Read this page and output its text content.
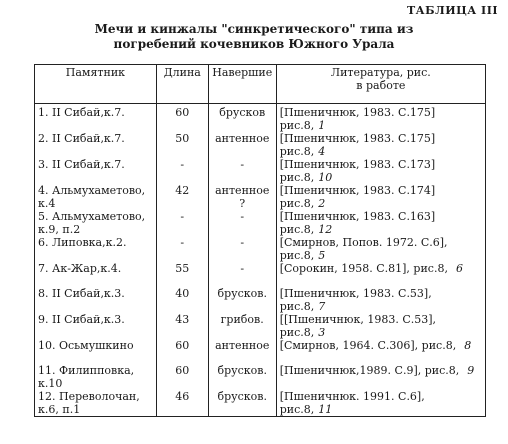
ТАБЛИЦА III
Мечи и кинжалы "синкретического" типа из
погребений кочевников Южного Урала
Памятник	Длина	Навершие	Литература, рис.
в работе
1. II Сибай,к.7.	60	брусков	[Пшеничнюк, 1983. С.175]
рис.8, 1

2. II Сибай,к.7.	50	антенное	[Пшеничнюк, 1983. С.175]
рис.8, 4

3. II Сибай,к.7.	-	-	[Пшеничнюк, 1983. С.173]
рис.8, 10

4. Альмухаметово, к.4	42	антенное ?	[Пшеничнюк, 1983. С.174]
рис.8, 2

5. Альмухаметово, к.9, п.2	-	-	[Пшеничнюк, 1983. С.163]
рис.8, 12

6. Липовка,к.2.	-	-	[Смирнов, Попов. 1972. С.6],
рис.8, 5

7. Ак-Жар,к.4.	55	-	[Сорокин, 1958. С.81], рис.8, 6
8. II Сибай,к.3.	40	брусков.	[Пшеничнюк, 1983. С.53],
рис.8, 7

9. II Сибай,к.3.	43	грибов.	[[Пшеничнюк, 1983. С.53],
рис.8, 3

10. Осьмушкино	60	антенное	[Смирнов, 1964. С.306], рис.8, 8
11. Филипповка, к.10	60	брусков.	[Пшеничнюк,1989. С.9], рис.8, 9
12. Переволочан, к.6, п.1	46	брусков.	[Пшеничнюк. 1991. С.6],
рис.8, 11
